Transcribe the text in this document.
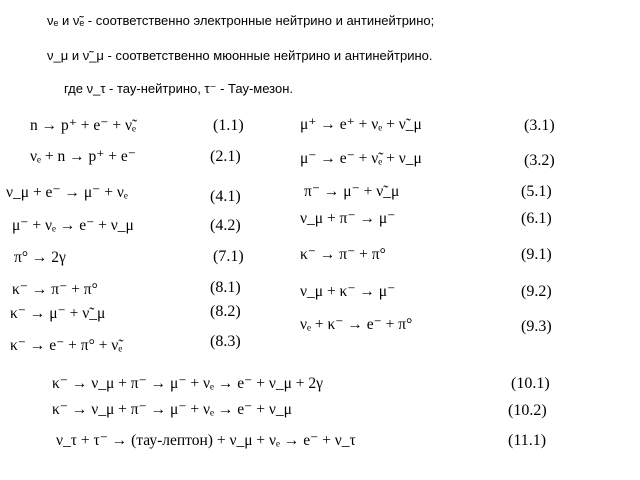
νₑ и ν̃ₑ - соответственно электронные нейтрино и антинейтрино;
ν_μ и ν̃_μ - соответственно мюонные нейтрино и антинейтрино.
где ν_τ - тау-нейтрино, τ⁻ - Тау-мезон.
n → p⁺ + e⁻ + ν̃ₑ	(1.1)
νₑ + n → p⁺ + e⁻	(2.1)
ν_μ + e⁻ → μ⁻ + νₑ	(4.1)
μ⁻ + νₑ → e⁻ + ν_μ	(4.2)
π° → 2γ	(7.1)
κ⁻ → π⁻ + π°	(8.1)
κ⁻ → μ⁻ + ν̃_μ	(8.2)
κ⁻ → e⁻ + π° + ν̃ₑ	(8.3)
μ⁺ → e⁺ + νₑ + ν̃_μ	(3.1)
μ⁻ → e⁻ + ν̃ₑ + ν_μ	(3.2)
π⁻ → μ⁻ + ν̃_μ	(5.1)
ν_μ + π⁻ → μ⁻	(6.1)
κ⁻ → π⁻ + π°	(9.1)
ν_μ + κ⁻ → μ⁻	(9.2)
νₑ + κ⁻ → e⁻ + π°	(9.3)
κ⁻ → ν_μ + π⁻ → μ⁻ + νₑ → e⁻ + ν_μ + 2γ	(10.1)
κ⁻ → ν_μ + π⁻ → μ⁻ + νₑ → e⁻ + ν_μ	(10.2)
ν_τ + τ⁻ → (тау-лептон) + ν_μ + νₑ → e⁻ + ν_τ	(11.1)
